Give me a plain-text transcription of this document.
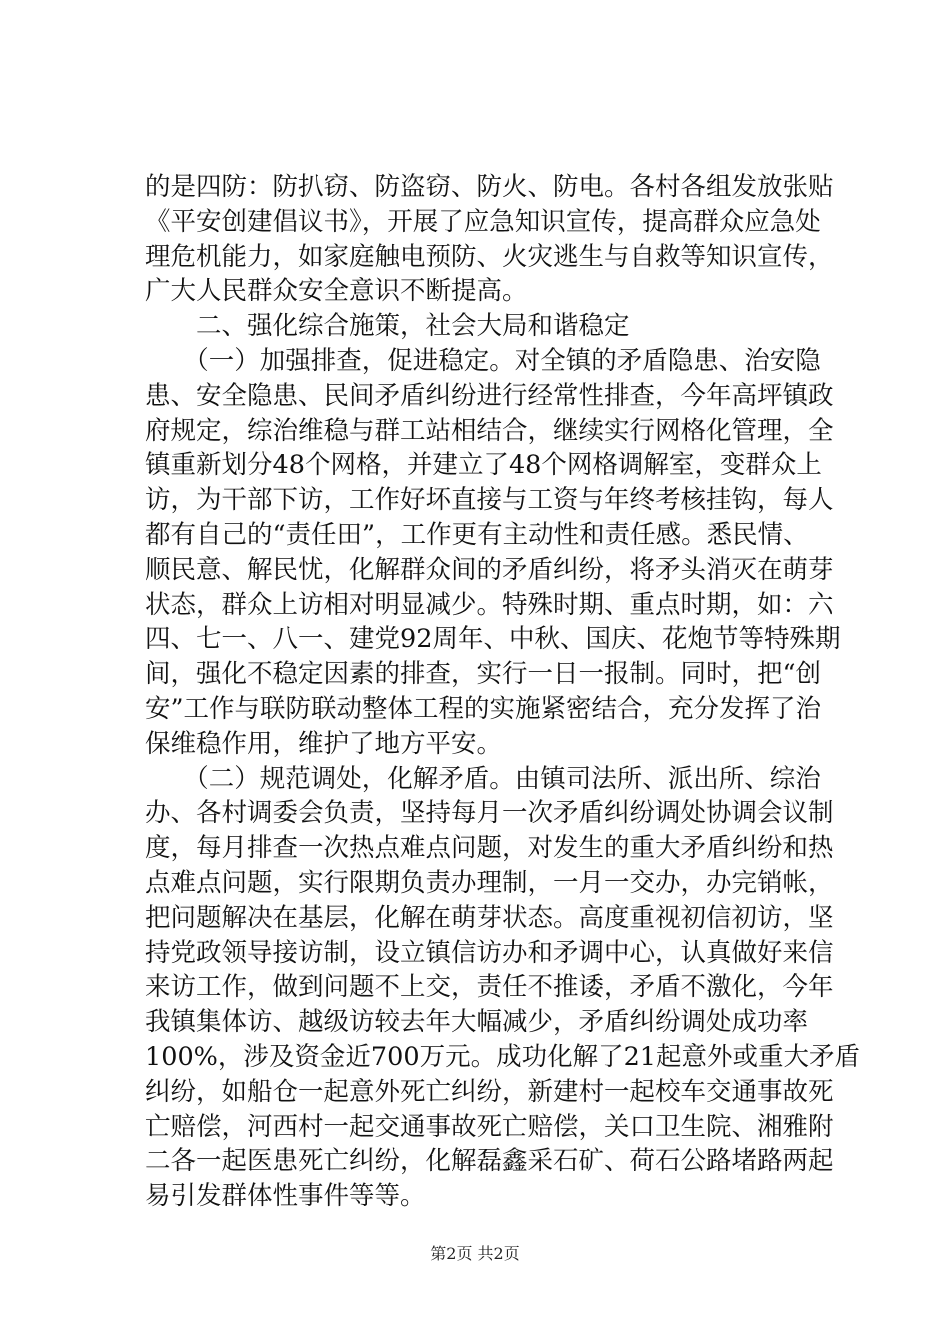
的是四防：防扒窃、防盗窃、防火、防电。各村各组发放张贴
《平安创建倡议书》，开展了应急知识宣传，提高群众应急处
理危机能力，如家庭触电预防、火灾逃生与自救等知识宣传，
广大人民群众安全意识不断提高。
　　二、强化综合施策，社会大局和谐稳定
　　（一）加强排查，促进稳定。对全镇的矛盾隐患、治安隐
患、安全隐患、民间矛盾纠纷进行经常性排查，今年高坪镇政
府规定，综治维稳与群工站相结合，继续实行网格化管理，全
镇重新划分48个网格，并建立了48个网格调解室，变群众上
访，为干部下访，工作好坏直接与工资与年终考核挂钩，每人
都有自己的“责任田”，工作更有主动性和责任感。悉民情、
顺民意、解民忧，化解群众间的矛盾纠纷，将矛头消灭在萌芽
状态，群众上访相对明显减少。特殊时期、重点时期，如：六
四、七一、八一、建党92周年、中秋、国庆、花炮节等特殊期
间，强化不稳定因素的排查，实行一日一报制。同时，把“创
安”工作与联防联动整体工程的实施紧密结合，充分发挥了治
保维稳作用，维护了地方平安。
　　（二）规范调处，化解矛盾。由镇司法所、派出所、综治
办、各村调委会负责，坚持每月一次矛盾纠纷调处协调会议制
度，每月排查一次热点难点问题，对发生的重大矛盾纠纷和热
点难点问题，实行限期负责办理制，一月一交办，办完销帐，
把问题解决在基层，化解在萌芽状态。高度重视初信初访，坚
持党政领导接访制，设立镇信访办和矛调中心，认真做好来信
来访工作，做到问题不上交，责任不推诿，矛盾不激化，今年
我镇集体访、越级访较去年大幅减少，矛盾纠纷调处成功率
100%，涉及资金近700万元。成功化解了21起意外或重大矛盾
纠纷，如船仓一起意外死亡纠纷，新建村一起校车交通事故死
亡赔偿，河西村一起交通事故死亡赔偿，关口卫生院、湘雅附
二各一起医患死亡纠纷，化解磊鑫采石矿、荷石公路堵路两起
易引发群体性事件等等。
第2页 共2页
